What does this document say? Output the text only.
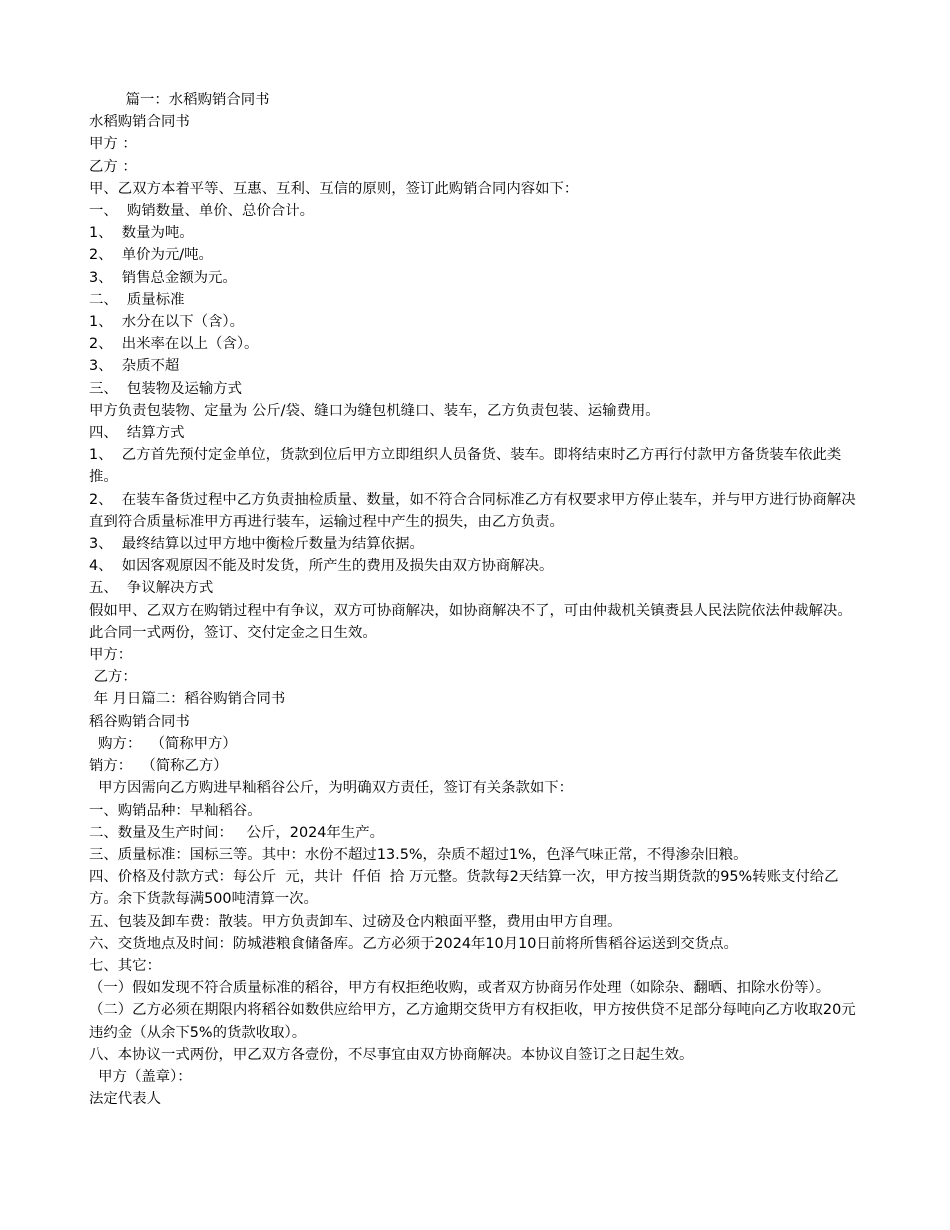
篇一：水稻购销合同书

水稻购销合同书

甲方 ：

乙方 ：

甲、乙双方本着平等、互惠、互利、互信的原则，签订此购销合同内容如下：

一、  购销数量、单价、总价合计。

1、  数量为吨。

2、  单价为元/吨。

3、  销售总金额为元。

二、  质量标准

1、  水分在以下（含）。

2、  出米率在以上（含）。

3、  杂质不超

三、  包装物及运输方式

甲方负责包装物、定量为 公斤/袋、缝口为缝包机缝口、装车，乙方负责包装、运输费用。

四、  结算方式

1、  乙方首先预付定金单位，货款到位后甲方立即组织人员备货、装车。即将结束时乙方再行付款甲方备货装车依此类推。

2、  在装车备货过程中乙方负责抽检质量、数量，如不符合合同标准乙方有权要求甲方停止装车，并与甲方进行协商解决直到符合质量标准甲方再进行装车，运输过程中产生的损失，由乙方负责。

3、  最终结算以过甲方地中衡检斤数量为结算依据。

4、  如因客观原因不能及时发货，所产生的费用及损失由双方协商解决。

五、  争议解决方式

假如甲、乙双方在购销过程中有争议，双方可协商解决，如协商解决不了，可由仲裁机关镇赉县人民法院依法仲裁解决。   此合同一式两份，签订、交付定金之日生效。

甲方：

乙方：

年 月日篇二：稻谷购销合同书

稻谷购销合同书

购方：  （简称甲方）

销方：  （简称乙方）

甲方因需向乙方购进早籼稻谷公斤，为明确双方责任，签订有关条款如下：

一、购销品种：早籼稻谷。

二、数量及生产时间：   公斤，2024年生产。

三、质量标准：国标三等。其中：水份不超过13.5%，杂质不超过1%，色泽气味正常，不得渗杂旧粮。

四、价格及付款方式：每公斤  元，共计  仟佰  拾 万元整。货款每2天结算一次，甲方按当期货款的95%转账支付给乙方。余下货款每满500吨清算一次。

五、包装及卸车费：散装。甲方负责卸车、过磅及仓内粮面平整，费用由甲方自理。

六、交货地点及时间：防城港粮食储备库。乙方必须于2024年10月10日前将所售稻谷运送到交货点。

七、其它：

（一）假如发现不符合质量标准的稻谷，甲方有权拒绝收购，或者双方协商另作处理（如除杂、翻晒、扣除水份等）。

（二）乙方必须在期限内将稻谷如数供应给甲方，乙方逾期交货甲方有权拒收，甲方按供贷不足部分每吨向乙方收取20元违约金（从余下5%的货款收取）。

八、本协议一式两份，甲乙双方各壹份，不尽事宜由双方协商解决。本协议自签订之日起生效。

甲方（盖章）：

法定代表人
